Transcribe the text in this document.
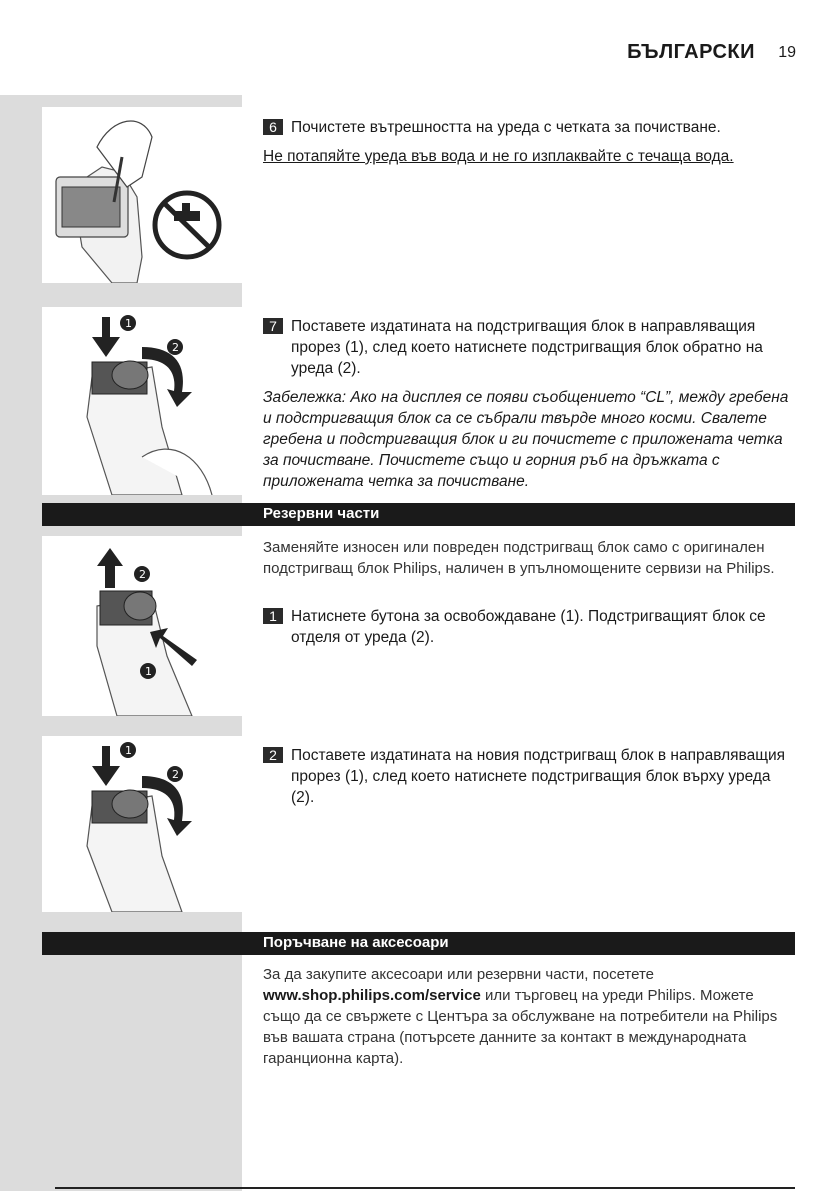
БЪЛГАРСКИ 19
1
2
6 Почистете вътрешността на уреда с четката за почистване.
Не потапяйте уреда във вода и не го изплаквайте с течаща вода.
7 Поставете издатината на подстригващия блок в направляващия прорез (1), след което натиснете подстригващия блок обратно на уреда (2).
Забележка: Ако на дисплея се появи съобщението “CL”, между гребена и подстригващия блок са се събрали твърде много косми. Свалете гребена и подстригващия блок и ги почистете с приложената четка за почистване. Почистете също и горния ръб на дръжката с приложената четка за почистване.
Резервни части
2
1
Заменяйте износен или повреден подстригващ блок само с оригинален подстригващ блок Philips, наличен в упълномощените сервизи на Philips.
1 Натиснете бутона за освобождаване (1). Подстригващият блок се отделя от уреда (2).
1
2
2 Поставете издатината на новия подстригващ блок в направляващия прорез (1), след което натиснете подстригващия блок върху уреда (2).
Поръчване на аксесоари
За да закупите аксесоари или резервни части, посетете www.shop.philips.com/service или търговец на уреди Philips. Можете също да се свържете с Центъра за обслужване на потребители на Philips във вашата страна (потърсете данните за контакт в международната гаранционна карта).
